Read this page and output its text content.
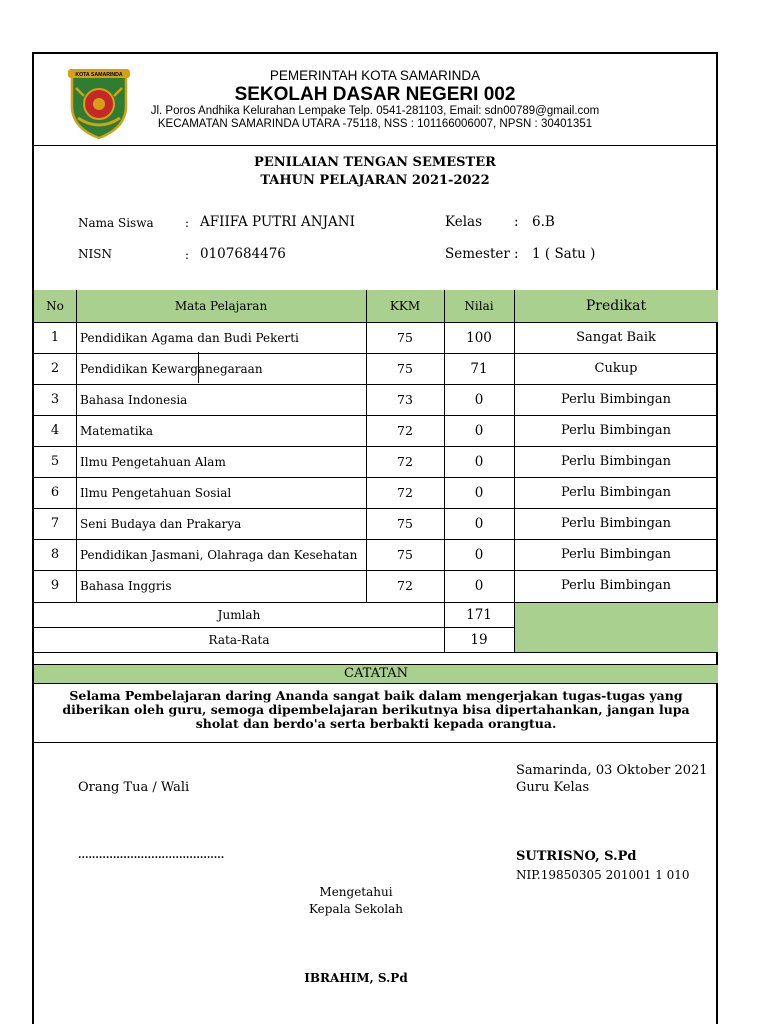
KOTA SAMARINDA	PEMERINTAH KOTA SAMARINDA
SEKOLAH DASAR NEGERI 002
Jl. Poros Andhika Kelurahan Lempake Telp. 0541-281103, Email: sdn00789@gmail.com
KECAMATAN SAMARINDA UTARA -75118, NSS : 101166006007, NPSN : 30401351
PENILAIAN TENGAN SEMESTER
TAHUN PELAJARAN 2021-2022
Nama Siswa	: AFIIFA PUTRI ANJANI
NISN	: 0107684476
Kelas : 6.B
Semester : 1 ( Satu )
No	Mata Pelajaran	KKM	Nilai	Predikat
1	Pendidikan Agama dan Budi Pekerti	75	100	Sangat Baik
2	Pendidikan Kewarganegaraan	75	71	Cukup
3	Bahasa Indonesia	73	0	Perlu Bimbingan
4	Matematika	72	0	Perlu Bimbingan
5	Ilmu Pengetahuan Alam	72	0	Perlu Bimbingan
6	Ilmu Pengetahuan Sosial	72	0	Perlu Bimbingan
7	Seni Budaya dan Prakarya	75	0	Perlu Bimbingan
8	Pendidikan Jasmani, Olahraga dan Kesehatan	75	0	Perlu Bimbingan
9	Bahasa Inggris	72	0	Perlu Bimbingan
Jumlah	171
Rata-Rata	19
CATATAN
Selama Pembelajaran daring Ananda sangat baik dalam mengerjakan tugas-tugas yang diberikan oleh guru, semoga dipembelajaran berikutnya bisa dipertahankan, jangan lupa sholat dan berdo'a serta berbakti kepada orangtua.
Samarinda, 03 Oktober 2021
Guru Kelas
Orang Tua / Wali
..........................................	SUTRISNO, S.Pd
NIP.19850305 201001 1 010
Mengetahui
Kepala Sekolah
IBRAHIM, S.Pd
